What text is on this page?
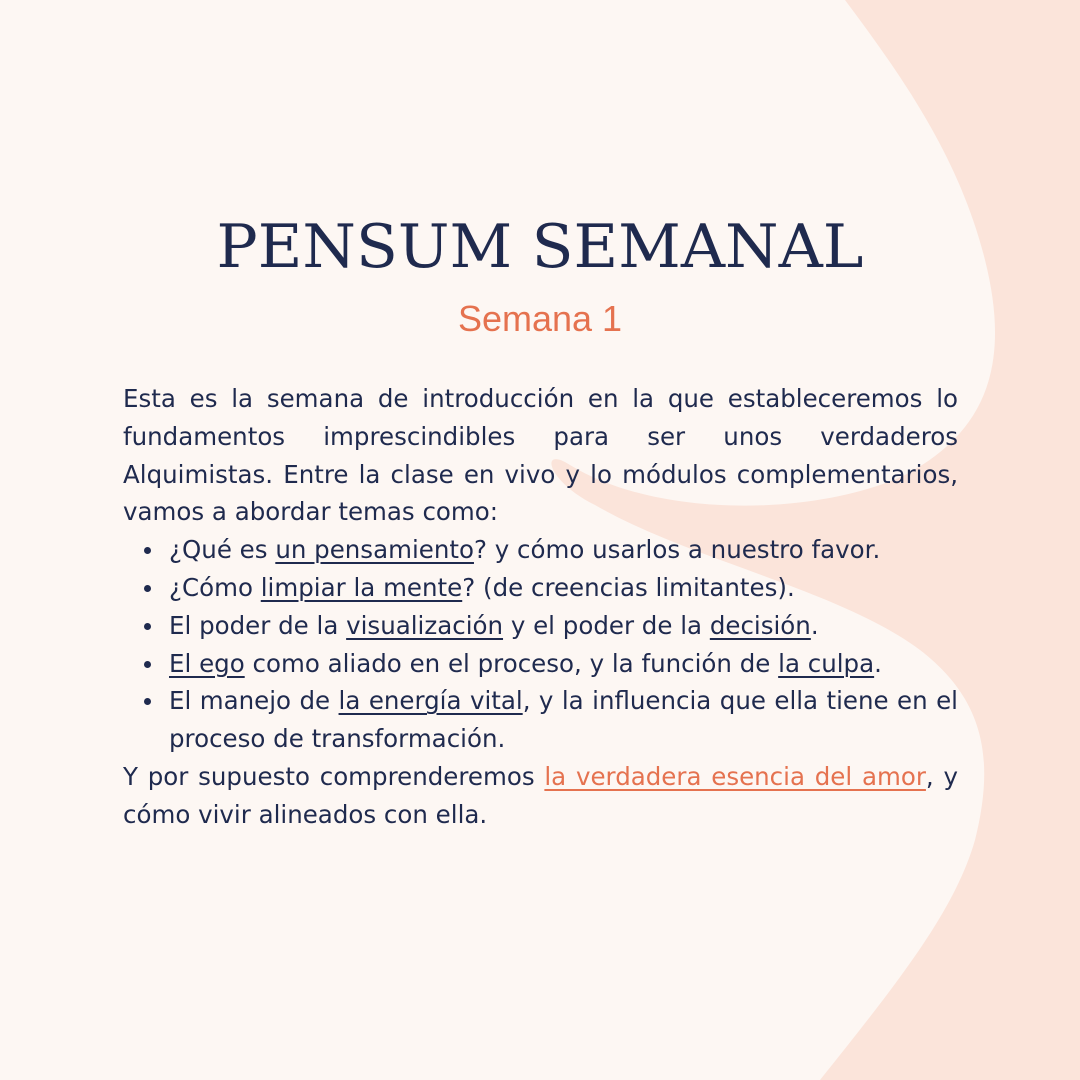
PENSUM SEMANAL
Semana 1

Esta es la semana de introducción en la que estableceremos lo fundamentos imprescindibles para ser unos verdaderos Alquimistas. Entre la clase en vivo y lo módulos complementarios, vamos a abordar temas como:

¿Qué es un pensamiento? y cómo usarlos a nuestro favor.
¿Cómo limpiar la mente? (de creencias limitantes).
El poder de la visualización y el poder de la decisión.
El ego como aliado en el proceso, y la función de la culpa.
El manejo de la energía vital, y la influencia que ella tiene en el proceso de transformación.

Y por supuesto comprenderemos la verdadera esencia del amor, y cómo vivir alineados con ella.
